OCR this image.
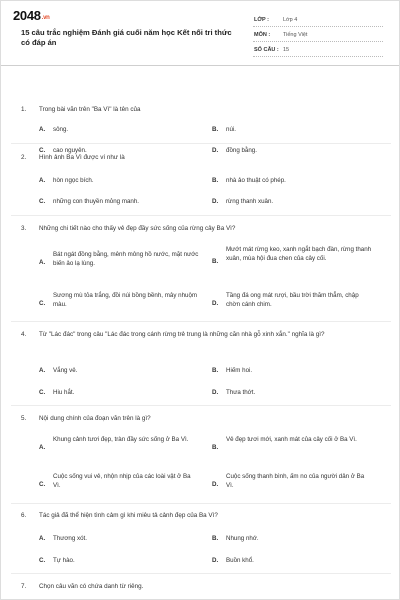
2048.vn
15 câu trắc nghiệm Đánh giá cuối năm học Kết nối tri thức có đáp án
LỚP :	Lớp 4
MÔN : Tiếng Việt
SỐ CÂU : 15
1. Trong bài văn trên "Ba Vì" là tên của
A. sông.	B. núi.
C. cao nguyên.	D. đồng bằng.
2. Hình ảnh Ba Vì được ví như là
A. hòn ngọc bích.	B. nhà ảo thuật có phép.
C. những con thuyền mỏng manh.	D. rừng thanh xuân.
3. Những chi tiết nào cho thấy vẻ đẹp đầy sức sống của rừng cây Ba Vì?
A.
Bát ngát đồng bằng, mênh mông hồ nước, mặt nước biến ảo lạ lùng.	B.
Mướt mát rừng keo, xanh ngắt bạch đàn, rừng thanh xuân, mùa hội đua chen của cây cối.
C.
Sương mù tỏa trắng, đồi núi bồng bềnh, mây nhuộm màu.	D.
Tầng đá ong mát rượi, bầu trời thăm thẳm, chập chờn cánh chim.
4. Từ "Lác đác" trong câu "Lác đác trong cánh rừng trẻ trung là những căn nhà gỗ xinh xắn." nghĩa là gì?
A. Vắng vẻ.	B. Hiếm hoi.
C. Hiu hắt.	D. Thưa thớt.
5. Nội dung chính của đoạn văn trên là gì?
A.
Khung cảnh tươi đẹp, tràn đầy sức sống ở Ba Vì.
B.
Vẻ đẹp tươi mới, xanh mát của cây cối ở Ba Vì.
C.
Cuộc sống vui vẻ, nhộn nhịp của các loài vật ở Ba Vì.	D.
Cuộc sống thanh bình, ấm no của người dân ở Ba Vì.
6. Tác giả đã thể hiện tình cảm gì khi miêu tả cảnh đẹp của Ba Vì?
A. Thương xót.	B. Nhung nhớ.
C. Tự hào.	D. Buồn khổ.
7. Chọn câu văn có chứa danh từ riêng.
